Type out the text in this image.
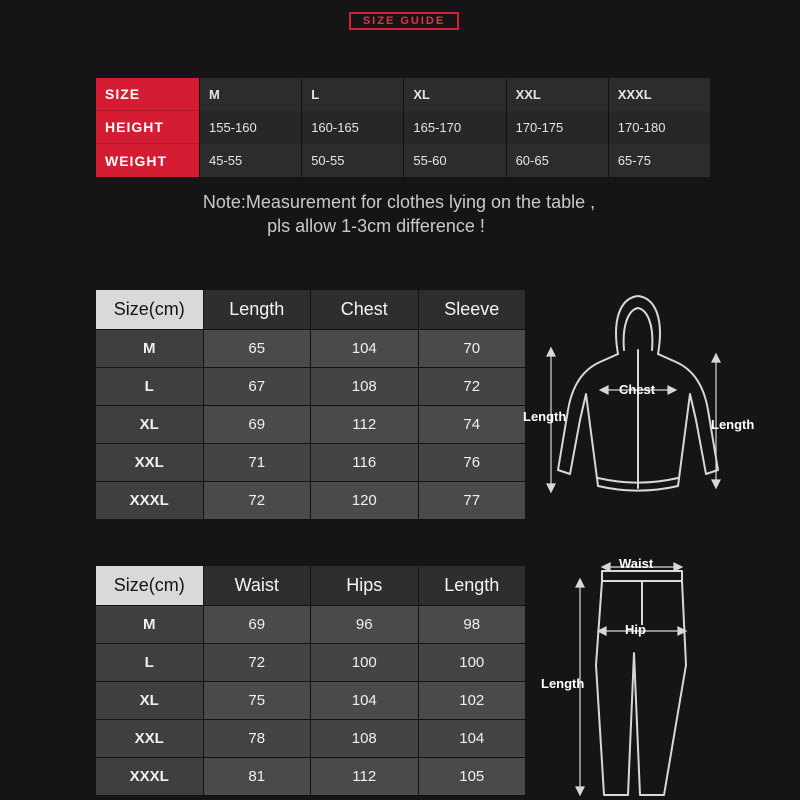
SIZE GUIDE
SIZE	M	L	XL	XXL	XXXL
HEIGHT	155-160	160-165	165-170	170-175	170-180
WEIGHT	45-55	50-55	55-60	60-65	65-75
Note:Measurement for clothes lying on the table ,
pls allow 1-3cm difference !
Size(cm)	Length	Chest	Sleeve
M	65	104	70
L	67	108	72
XL	69	112	74
XXL	71	116	76
XXXL	72	120	77
Size(cm)	Waist	Hips	Length
M	69	96	98
L	72	100	100
XL	75	104	102
XXL	78	108	104
XXXL	81	112	105
Chest
Length
Length
Waist
Hip
Length
